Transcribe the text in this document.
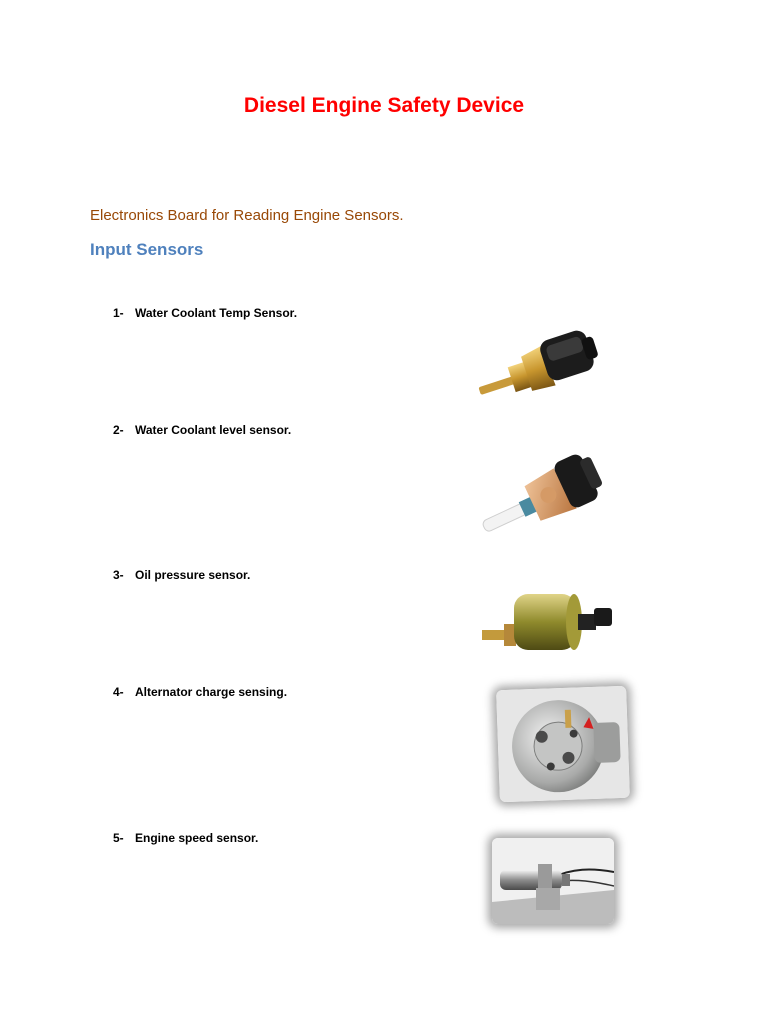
Diesel Engine Safety Device
Electronics Board for Reading Engine Sensors.
Input Sensors
1- Water Coolant Temp Sensor.
2- Water Coolant level sensor.
3- Oil pressure sensor.
4- Alternator charge sensing.
5- Engine speed sensor.
